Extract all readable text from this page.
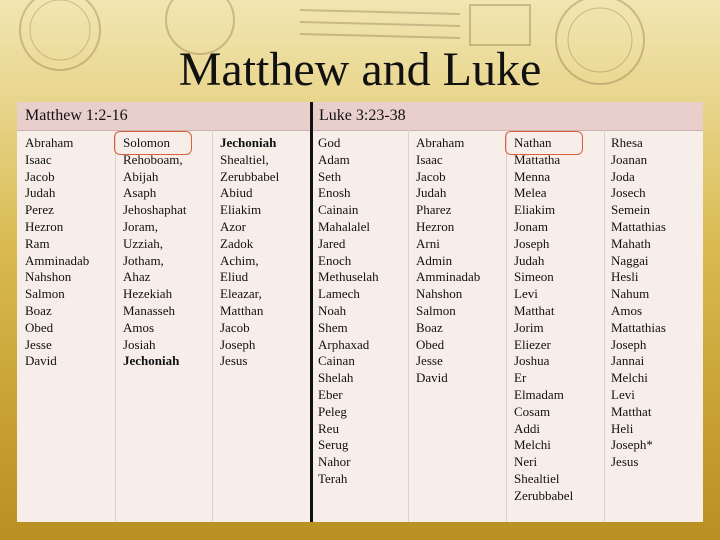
Matthew and Luke
Matthew 1:2-16	Luke 3:23-38
Abraham
Isaac
Jacob
Judah
Perez
Hezron
Ram
Amminadab
Nahshon
Salmon
Boaz
Obed
Jesse
David
Solomon
Rehoboam,
Abijah
Asaph
Jehoshaphat
Joram,
Uzziah,
Jotham,
Ahaz
Hezekiah
Manasseh
Amos
Josiah
Jechoniah
Jechoniah
Shealtiel,
Zerubbabel
Abiud
Eliakim
Azor
Zadok
Achim,
Eliud
Eleazar,
Matthan
Jacob
Joseph
Jesus
God
Adam
Seth
Enosh
Cainain
Mahalalel
Jared
Enoch
Methuselah
Lamech
Noah
Shem
Arphaxad
Cainan
Shelah
Eber
Peleg
Reu
Serug
Nahor
Terah
Abraham
Isaac
Jacob
Judah
Pharez
Hezron
Arni
Admin
Amminadab
Nahshon
Salmon
Boaz
Obed
Jesse
David
Nathan
Mattatha
Menna
Melea
Eliakim
Jonam
Joseph
Judah
Simeon
Levi
Matthat
Jorim
Eliezer
Joshua
Er
Elmadam
Cosam
Addi
Melchi
Neri
Shealtiel
Zerubbabel
Rhesa
Joanan
Joda
Josech
Semein
Mattathias
Mahath
Naggai
Hesli
Nahum
Amos
Mattathias
Joseph
Jannai
Melchi
Levi
Matthat
Heli
Joseph*
Jesus
